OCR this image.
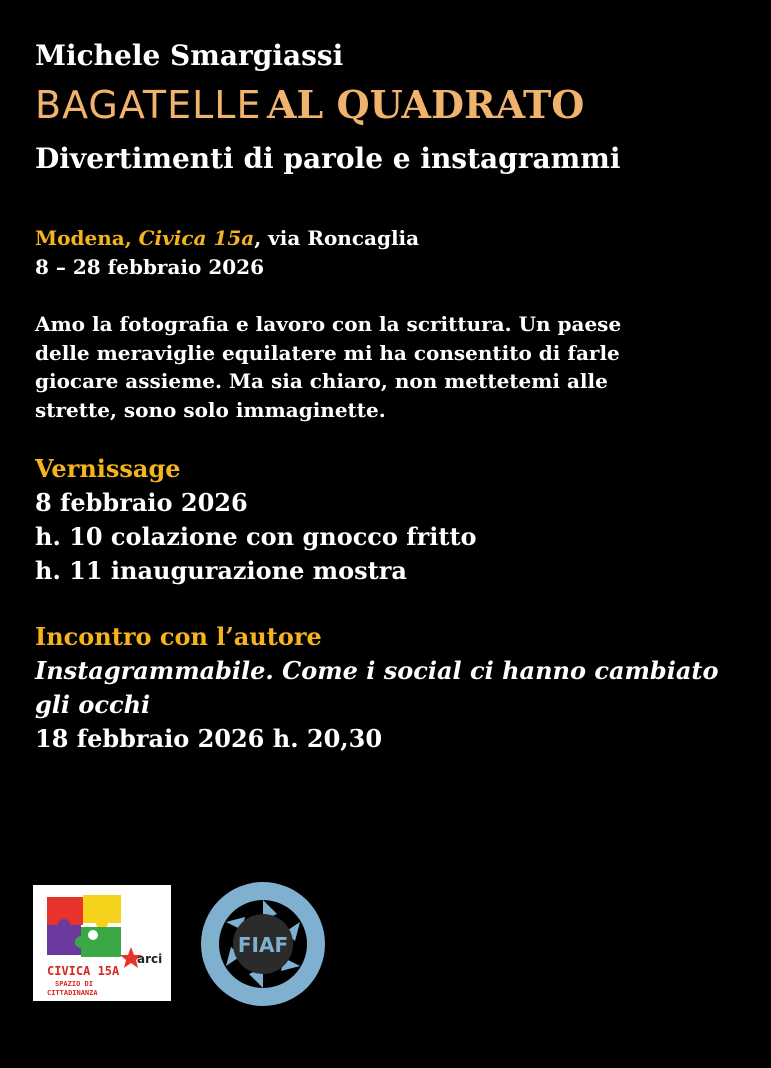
Michele Smargiassi
BAGATELLE AL QUADRATO
Divertimenti di parole e instagrammi
Modena, Civica 15a, via Roncaglia
8 – 28 febbraio 2026
Amo la fotografia e lavoro con la scrittura. Un paese
delle meraviglie equilatere mi ha consentito di farle
giocare assieme. Ma sia chiaro, non mettetemi alle
strette, sono solo immaginette.
Vernissage
8 febbraio 2026
h. 10 colazione con gnocco fritto
h. 11 inaugurazione mostra
Incontro con l’autore
Instagrammabile. Come i social ci hanno cambiato
gli occhi
18 febbraio 2026 h. 20,30
arci
CIVICA 15A
SPAZIO DI
CITTADINANZA
FIAF
